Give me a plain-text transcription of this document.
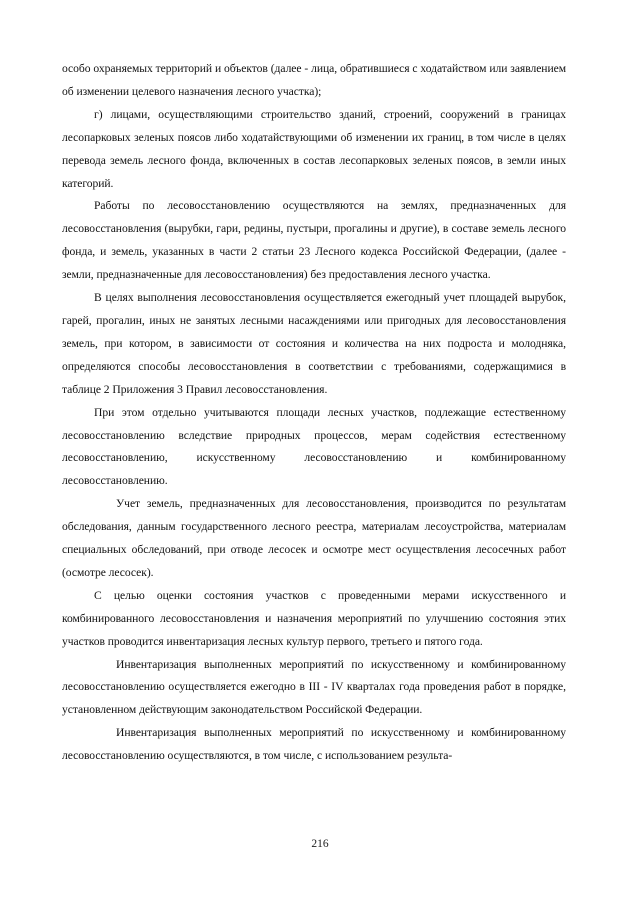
особо охраняемых территорий и объектов (далее - лица, обратившиеся с ходатайством или заявлением об изменении целевого назначения лесного участка);

г) лицами, осуществляющими строительство зданий, строений, сооружений в границах лесопарковых зеленых поясов либо ходатайствующими об изменении их границ, в том числе в целях перевода земель лесного фонда, включенных в состав лесопарковых зеленых поясов, в земли иных категорий.

Работы по лесовосстановлению осуществляются на землях, предназначенных для лесовосстановления (вырубки, гари, редины, пустыри, прогалины и другие), в составе земель лесного фонда, и земель, указанных в части 2 статьи 23 Лесного кодекса Российской Федерации, (далее - земли, предназначенные для лесовосстановления) без предоставления лесного участка.

В целях выполнения лесовосстановления осуществляется ежегодный учет площадей вырубок, гарей, прогалин, иных не занятых лесными насаждениями или пригодных для лесовосстановления земель, при котором, в зависимости от состояния и количества на них подроста и молодняка, определяются способы лесовосстановления в соответствии с требованиями, содержащимися в таблице 2 Приложения 3 Правил лесовосстановления.

При этом отдельно учитываются площади лесных участков, подлежащие естественному лесовосстановлению вследствие природных процессов, мерам содействия естественному лесовосстановлению, искусственному лесовосстановлению и комбинированному лесовосстановлению.

Учет земель, предназначенных для лесовосстановления, производится по результатам обследования, данным государственного лесного реестра, материалам лесоустройства, материалам специальных обследований, при отводе лесосек и осмотре мест осуществления лесосечных работ (осмотре лесосек).

С целью оценки состояния участков с проведенными мерами искусственного и комбинированного лесовосстановления и назначения мероприятий по улучшению состояния этих участков проводится инвентаризация лесных культур первого, третьего и пятого года.

Инвентаризация выполненных мероприятий по искусственному и комбинированному лесовосстановлению осуществляется ежегодно в III - IV кварталах года проведения работ в порядке, установленном действующим законодательством Российской Федерации.

Инвентаризация выполненных мероприятий по искусственному и комбинированному лесовосстановлению осуществляются, в том числе, с использованием результа-

216
